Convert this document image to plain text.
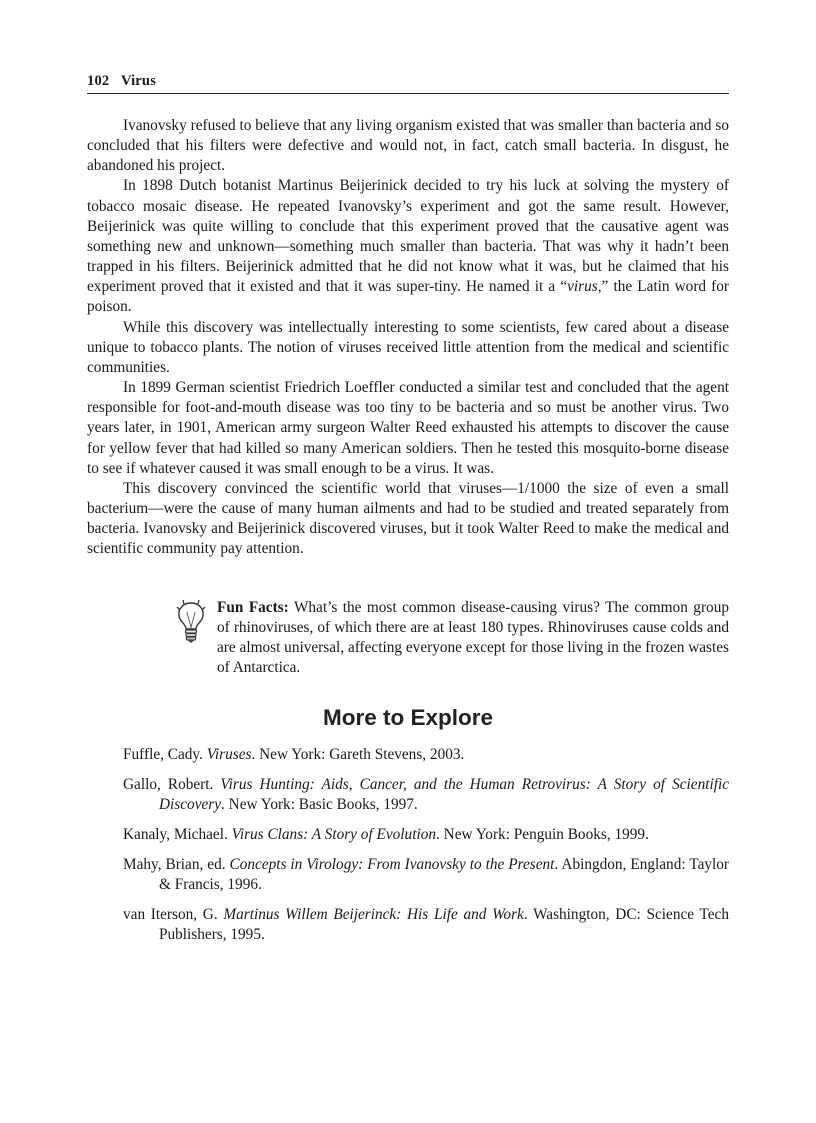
102 Virus

Ivanovsky refused to believe that any living organism existed that was smaller than bacteria and so concluded that his filters were defective and would not, in fact, catch small bacteria. In disgust, he abandoned his project.

In 1898 Dutch botanist Martinus Beijerinick decided to try his luck at solving the mystery of tobacco mosaic disease. He repeated Ivanovsky’s experiment and got the same result. However, Beijerinick was quite willing to conclude that this experiment proved that the causative agent was something new and unknown—something much smaller than bacteria. That was why it hadn’t been trapped in his filters. Beijerinick admitted that he did not know what it was, but he claimed that his experiment proved that it existed and that it was super-tiny. He named it a “virus,” the Latin word for poison.

While this discovery was intellectually interesting to some scientists, few cared about a disease unique to tobacco plants. The notion of viruses received little attention from the medical and scientific communities.

In 1899 German scientist Friedrich Loeffler conducted a similar test and concluded that the agent responsible for foot-and-mouth disease was too tiny to be bacteria and so must be another virus. Two years later, in 1901, American army surgeon Walter Reed exhausted his attempts to discover the cause for yellow fever that had killed so many American soldiers. Then he tested this mosquito-borne disease to see if whatever caused it was small enough to be a virus. It was.

This discovery convinced the scientific world that viruses—1/1000 the size of even a small bacterium—were the cause of many human ailments and had to be studied and treated separately from bacteria. Ivanovsky and Beijerinick discovered viruses, but it took Walter Reed to make the medical and scientific community pay attention.

Fun Facts: What’s the most common disease-causing virus? The common group of rhinoviruses, of which there are at least 180 types. Rhinoviruses cause colds and are almost universal, affecting everyone except for those living in the frozen wastes of Antarctica.
More to Explore

Fuffle, Cady. Viruses. New York: Gareth Stevens, 2003.

Gallo, Robert. Virus Hunting: Aids, Cancer, and the Human Retrovirus: A Story of Scientific Discovery. New York: Basic Books, 1997.

Kanaly, Michael. Virus Clans: A Story of Evolution. New York: Penguin Books, 1999.

Mahy, Brian, ed. Concepts in Virology: From Ivanovsky to the Present. Abingdon, England: Taylor & Francis, 1996.

van Iterson, G. Martinus Willem Beijerinck: His Life and Work. Washington, DC: Science Tech Publishers, 1995.
